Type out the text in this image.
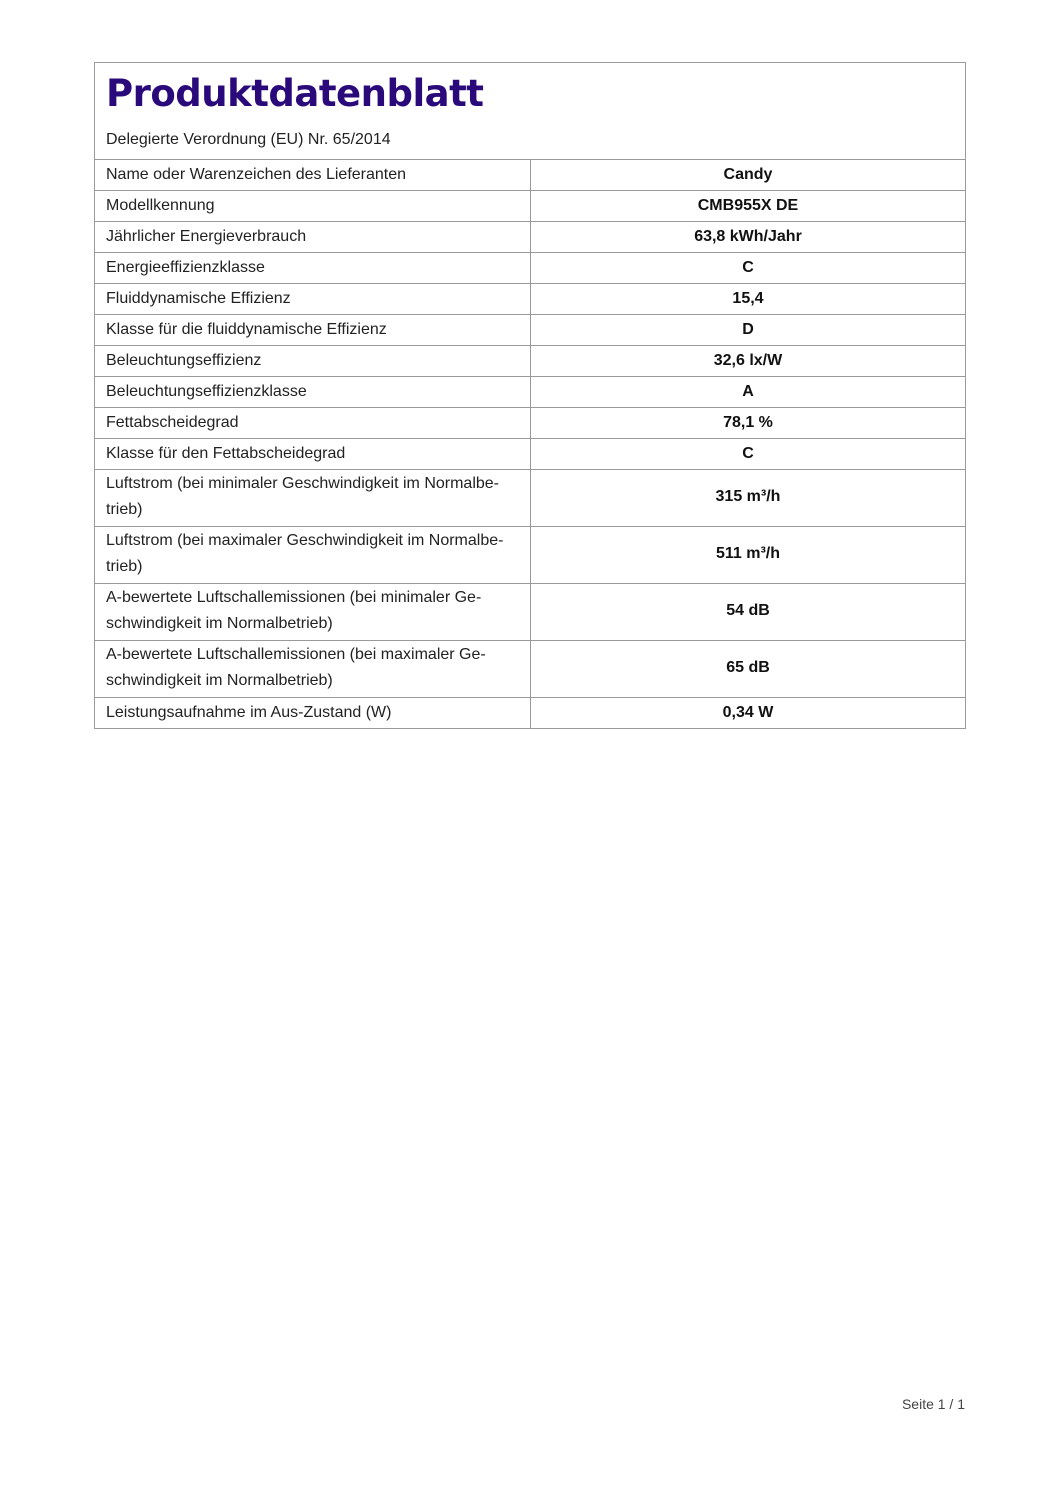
Produktdatenblatt
Delegierte Verordnung (EU) Nr. 65/2014
Name oder Warenzeichen des Lieferanten	Candy
Modellkennung	CMB955X DE
Jährlicher Energieverbrauch	63,8 kWh/Jahr
Energieeffizienzklasse	C
Fluiddynamische Effizienz	15,4
Klasse für die fluiddynamische Effizienz	D
Beleuchtungseffizienz	32,6 lx/W
Beleuchtungseffizienzklasse	A
Fettabscheidegrad	78,1 %
Klasse für den Fettabscheidegrad	C
Luftstrom (bei minimaler Geschwindigkeit im Normalbe-trieb)	315 m³/h
Luftstrom (bei maximaler Geschwindigkeit im Normalbe-trieb)	511 m³/h
A-bewertete Luftschallemissionen (bei minimaler Ge-schwindigkeit im Normalbetrieb)	54 dB
A-bewertete Luftschallemissionen (bei maximaler Ge-schwindigkeit im Normalbetrieb)	65 dB
Leistungsaufnahme im Aus-Zustand (W)	0,34 W
Seite 1 / 1
